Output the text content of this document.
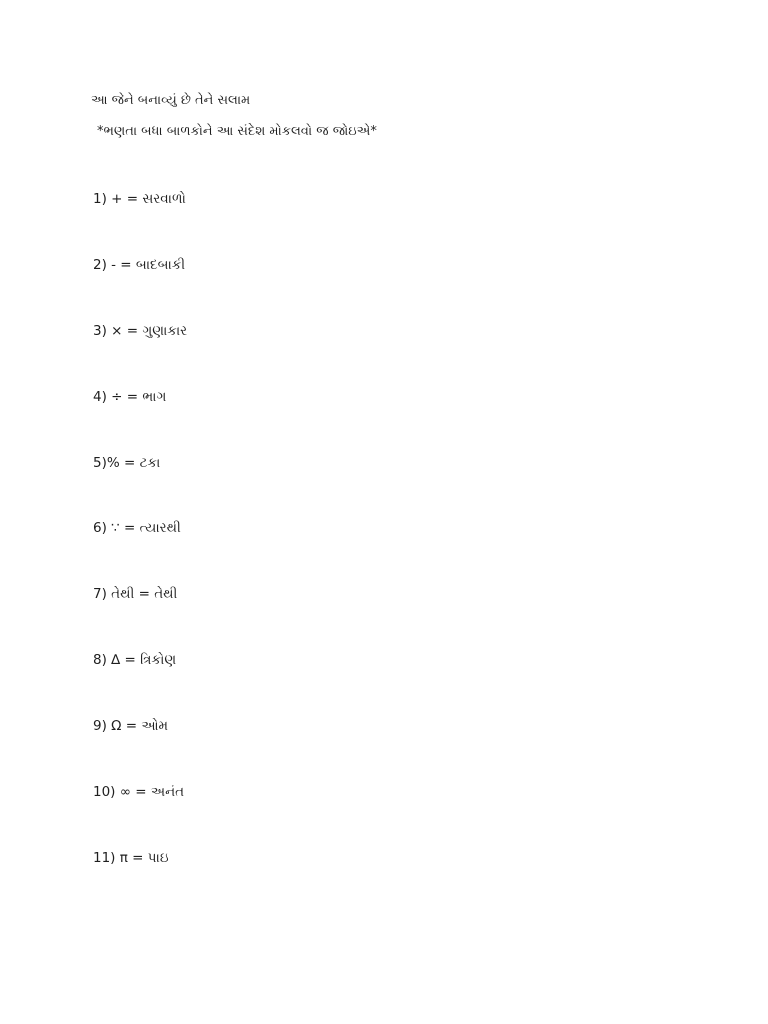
આ જેને બનાવ્યું છે તેને સલામ
*ભણતા બધા બાળકોને આ સંદેશ મોકલવો જ જોઇએ*
1) + = સરવાળો
2) - = બાદબાકી
3) × = ગુણાકાર
4) ÷ = ભાગ
5)% = ટકા
6) ∵ = ત્યારથી
7) તેથી = તેથી
8) ∆ = ત્રિકોણ
9) Ω = ઓમ
10) ∞ = અનંત
11) π = પાઇ
